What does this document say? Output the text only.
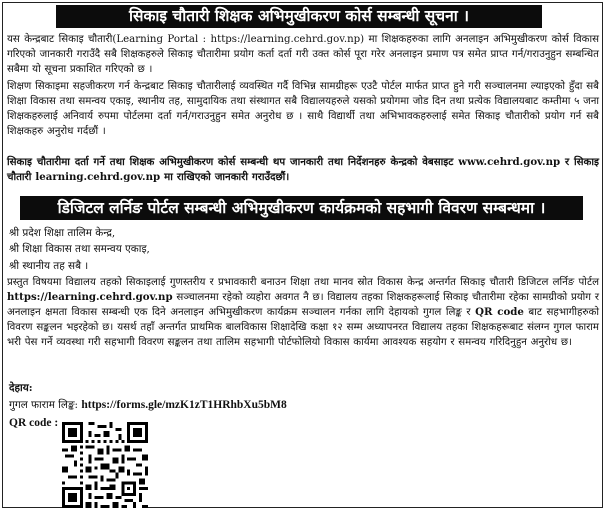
सिकाइ चौतारी शिक्षक अभिमुखीकरण कोर्स सम्बन्धी सूचना ।
यस केन्द्रबाट सिकाइ चौतारी(Learning Portal : https://learning.cehrd.gov.np) मा शिक्षकहरुका लागि अनलाइन अभिमुखीकरण कोर्स विकास गरिएको जानकारी गराउँदै सबै शिक्षकहरुले सिकाइ चौतारीमा प्रयोग कर्ता दर्ता गरी उक्त कोर्स पूरा गरेर अनलाइन प्रमाण पत्र समेत प्राप्त गर्न/गराउनुहुन सम्बन्धित सबैमा यो सूचना प्रकाशित गरिएको छ ।
शिक्षण सिकाइमा सहजीकरण गर्न केन्द्रबाट सिकाइ चौतारीलाई व्यवस्थित गर्दै विभिन्न सामग्रीहरू एउटै पोर्टल मार्फत प्राप्त हुने गरी सञ्चालनमा ल्याइएको हुँदा सबै शिक्षा विकास तथा समन्वय एकाइ, स्थानीय तह, सामुदायिक तथा संस्थागत सबै विद्यालयहरुले यसको प्रयोगमा जोड दिन तथा प्रत्येक विद्यालयबाट कम्तीमा ५ जना शिक्षकहरुलाई अनिवार्य रुपमा पोर्टलमा दर्ता गर्न/गराउनुहुन समेत अनुरोध छ । साथै विद्यार्थी तथा अभिभावकहरुलाई समेत सिकाइ चौतारीको प्रयोग गर्न सबै शिक्षकहरु अनुरोध गर्दछौं ।
सिकाइ चौतारीमा दर्ता गर्ने तथा शिक्षक अभिमुखीकरण कोर्स सम्बन्धी थप जानकारी तथा निर्देशनहरु केन्द्रको वेबसाइट www.cehrd.gov.np र सिकाइ चौतारी learning.cehrd.gov.np मा राखिएको जानकारी गराउँदछौं।
डिजिटल लर्निङ पोर्टल सम्बन्धी अभिमुखीकरण कार्यक्रमको सहभागी विवरण सम्बन्धमा ।
श्री प्रदेश शिक्षा तालिम केन्द्र,
श्री शिक्षा विकास तथा समन्वय एकाइ,
श्री स्थानीय तह सबै ।
प्रस्तुत विषयमा विद्यालय तहको सिकाइलाई गुणस्तरीय र प्रभावकारी बनाउन शिक्षा तथा मानव स्रोत विकास केन्द्र अन्तर्गत सिकाइ चौतारी डिजिटल लर्निङ पोर्टल https://learning.cehrd.gov.np सञ्चालनमा रहेको व्यहोरा अवगत नै छ। विद्यालय तहका शिक्षकहरूलाई सिकाइ चौतारीमा रहेका सामग्रीको प्रयोग र अनलाइन क्षमता विकास सम्बन्धी एक दिने अनलाइन अभिमुखीकरण कार्यक्रम सञ्चालन गर्नका लागि देहायको गुगल लिङ्क र QR code बाट सहभागीहरुको विवरण सङ्कलन भइरहेको छ। यसर्थ तहाँ अन्तर्गत प्राथमिक बालविकास शिक्षादेखि कक्षा १२ सम्म अध्यापनरत विद्यालय तहका शिक्षकहरूबाट संलग्न गुगल फाराम भरी पेस गर्ने व्यवस्था गरी सहभागी विवरण सङ्कलन तथा तालिम सहभागी पोर्टफोलियो विकास कार्यमा आवश्यक सहयोग र समन्वय गरिदिनुहुन अनुरोध छ।
देहाय:
गुगल फाराम लिङ्क: https://forms.gle/mzK1zT1HRhbXu5bM8
QR code :
